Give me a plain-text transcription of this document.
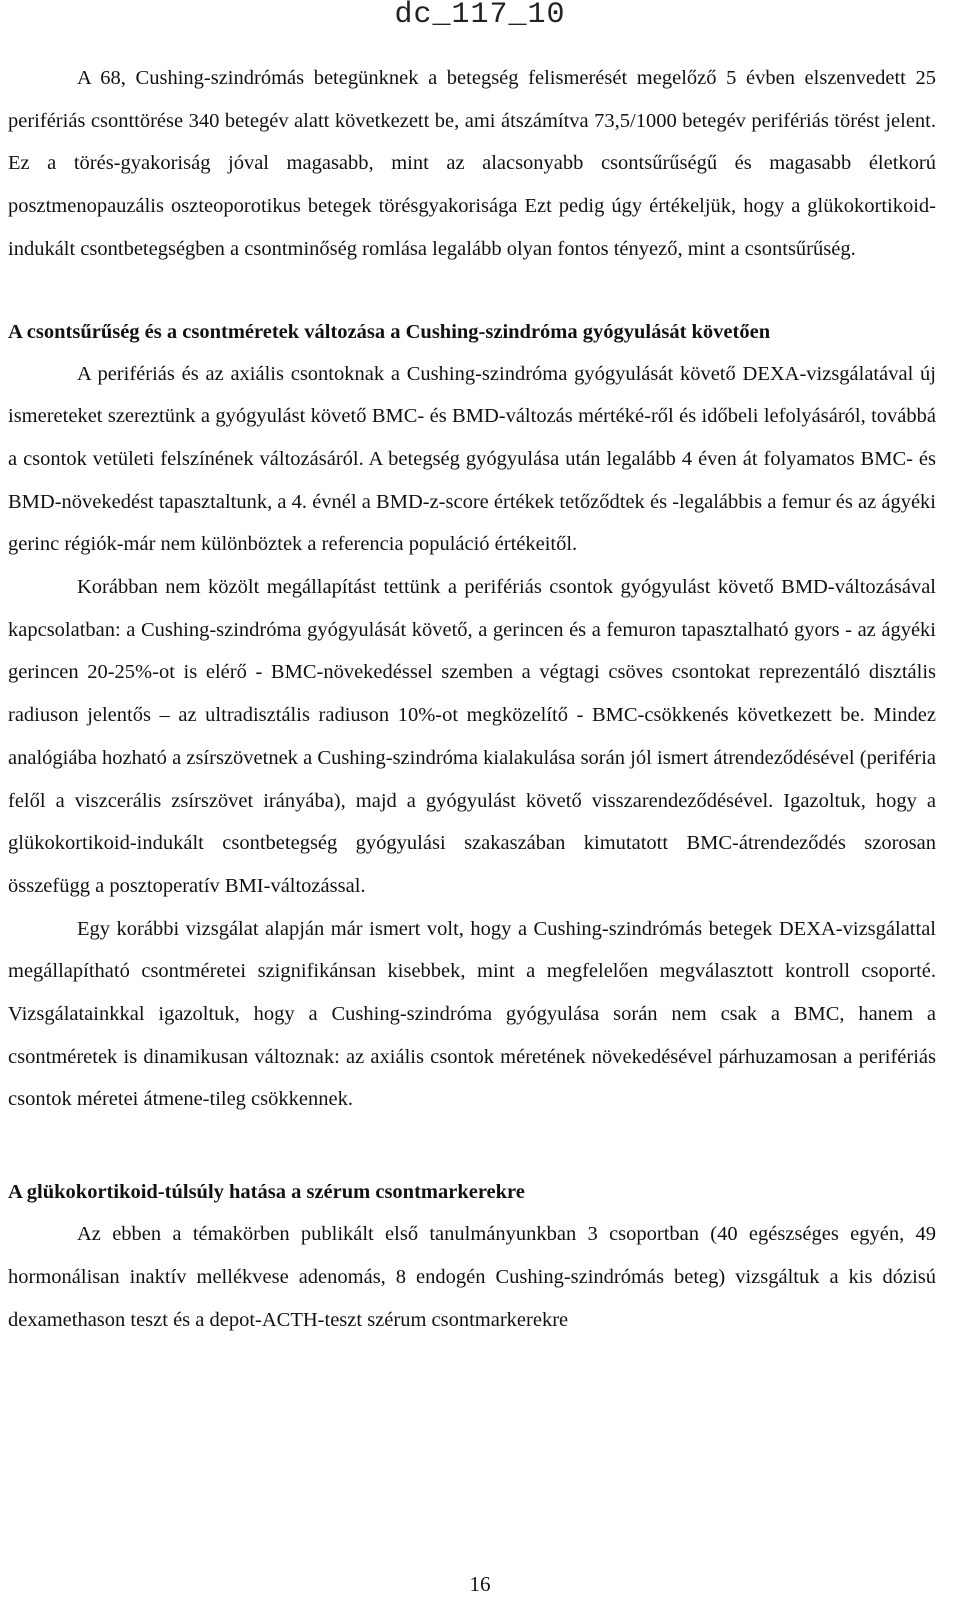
dc_117_10

A 68, Cushing-szindrómás betegünknek a betegség felismerését megelőző 5 évben elszenvedett 25 perifériás csonttörése 340 betegév alatt következett be, ami átszámítva 73,5/1000 betegév perifériás törést jelent. Ez a törés-gyakoriság jóval magasabb, mint az alacsonyabb csontsűrűségű és magasabb életkorú posztmenopauzális oszteoporotikus betegek törésgyakorisága Ezt pedig úgy értékeljük, hogy a glükokortikoid-indukált csontbetegségben a csontminőség romlása legalább olyan fontos tényező, mint a csontsűrűség.

A csontsűrűség és a csontméretek változása a Cushing-szindróma gyógyulását követően

A perifériás és az axiális csontoknak a Cushing-szindróma gyógyulását követő DEXA-vizsgálatával új ismereteket szereztünk a gyógyulást követő BMC- és BMD-változás mértéké-ről és időbeli lefolyásáról, továbbá a csontok vetületi felszínének változásáról. A betegség gyógyulása után legalább 4 éven át folyamatos BMC- és BMD-növekedést tapasztaltunk, a 4. évnél a BMD-z-score értékek tetőződtek és -legalábbis a femur és az ágyéki gerinc régiók-már nem különböztek a referencia populáció értékeitől.

Korábban nem közölt megállapítást tettünk a perifériás csontok gyógyulást követő BMD-változásával kapcsolatban: a Cushing-szindróma gyógyulását követő, a gerincen és a femuron tapasztalható gyors - az ágyéki gerincen 20-25%-ot is elérő - BMC-növekedéssel szemben a végtagi csöves csontokat reprezentáló disztális radiuson jelentős – az ultradisztális radiuson 10%-ot megközelítő - BMC-csökkenés következett be. Mindez analógiába hozható a zsírszövetnek a Cushing-szindróma kialakulása során jól ismert átrendeződésével (periféria felől a viszcerális zsírszövet irányába), majd a gyógyulást követő visszarendeződésével. Igazoltuk, hogy a glükokortikoid-indukált csontbetegség gyógyulási szakaszában kimutatott BMC-átrendeződés szorosan összefügg a posztoperatív BMI-változással.

Egy korábbi vizsgálat alapján már ismert volt, hogy a Cushing-szindrómás betegek DEXA-vizsgálattal megállapítható csontméretei szignifikánsan kisebbek, mint a megfelelően megválasztott kontroll csoporté. Vizsgálatainkkal igazoltuk, hogy a Cushing-szindróma gyógyulása során nem csak a BMC, hanem a csontméretek is dinamikusan változnak: az axiális csontok méretének növekedésével párhuzamosan a perifériás csontok méretei átmene-tileg csökkennek.

A glükokortikoid-túlsúly hatása a szérum csontmarkerekre

Az ebben a témakörben publikált első tanulmányunkban 3 csoportban (40 egészséges egyén, 49 hormonálisan inaktív mellékvese adenomás, 8 endogén Cushing-szindrómás beteg) vizsgáltuk a kis dózisú dexamethason teszt és a depot-ACTH-teszt szérum csontmarkerekre

16
